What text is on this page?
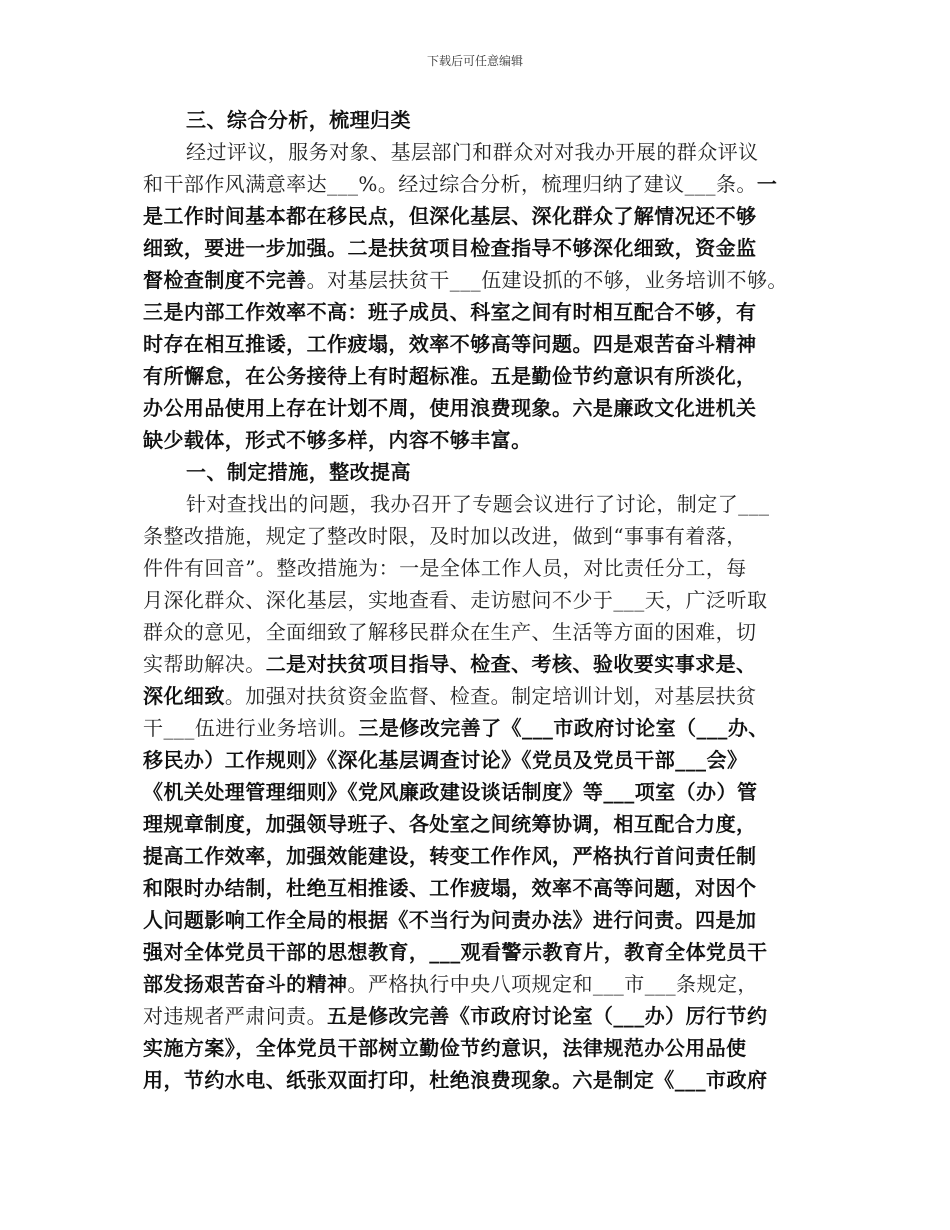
下载后可任意编辑
三、综合分析，梳理归类
经过评议，服务对象、基层部门和群众对对我办开展的群众评议
和干部作风满意率达___%。经过综合分析，梳理归纳了建议___条。一
是工作时间基本都在移民点，但深化基层、深化群众了解情况还不够
细致，要进一步加强。二是扶贫项目检查指导不够深化细致，资金监
督检查制度不完善。对基层扶贫干___伍建设抓的不够，业务培训不够。
三是内部工作效率不高：班子成员、科室之间有时相互配合不够，有
时存在相互推诿，工作疲塌，效率不够高等问题。四是艰苦奋斗精神
有所懈怠，在公务接待上有时超标准。五是勤俭节约意识有所淡化，
办公用品使用上存在计划不周，使用浪费现象。六是廉政文化进机关
缺少载体，形式不够多样，内容不够丰富。
一、制定措施，整改提高
针对查找出的问题，我办召开了专题会议进行了讨论，制定了___
条整改措施，规定了整改时限，及时加以改进，做到“事事有着落，
件件有回音”。整改措施为：一是全体工作人员，对比责任分工，每
月深化群众、深化基层，实地查看、走访慰问不少于___天，广泛听取
群众的意见，全面细致了解移民群众在生产、生活等方面的困难，切
实帮助解决。二是对扶贫项目指导、检查、考核、验收要实事求是、
深化细致。加强对扶贫资金监督、检查。制定培训计划，对基层扶贫
干___伍进行业务培训。三是修改完善了《___市政府讨论室（___办、
移民办）工作规则》《深化基层调查讨论》《党员及党员干部___会》
《机关处理管理细则》《党风廉政建设谈话制度》等___项室（办）管
理规章制度，加强领导班子、各处室之间统筹协调，相互配合力度，
提高工作效率，加强效能建设，转变工作作风，严格执行首问责任制
和限时办结制，杜绝互相推诿、工作疲塌，效率不高等问题，对因个
人问题影响工作全局的根据《不当行为问责办法》进行问责。四是加
强对全体党员干部的思想教育，___观看警示教育片，教育全体党员干
部发扬艰苦奋斗的精神。严格执行中央八项规定和___市___条规定，
对违规者严肃问责。五是修改完善《市政府讨论室（___办）厉行节约
实施方案》，全体党员干部树立勤俭节约意识，法律规范办公用品使
用，节约水电、纸张双面打印，杜绝浪费现象。六是制定《___市政府
